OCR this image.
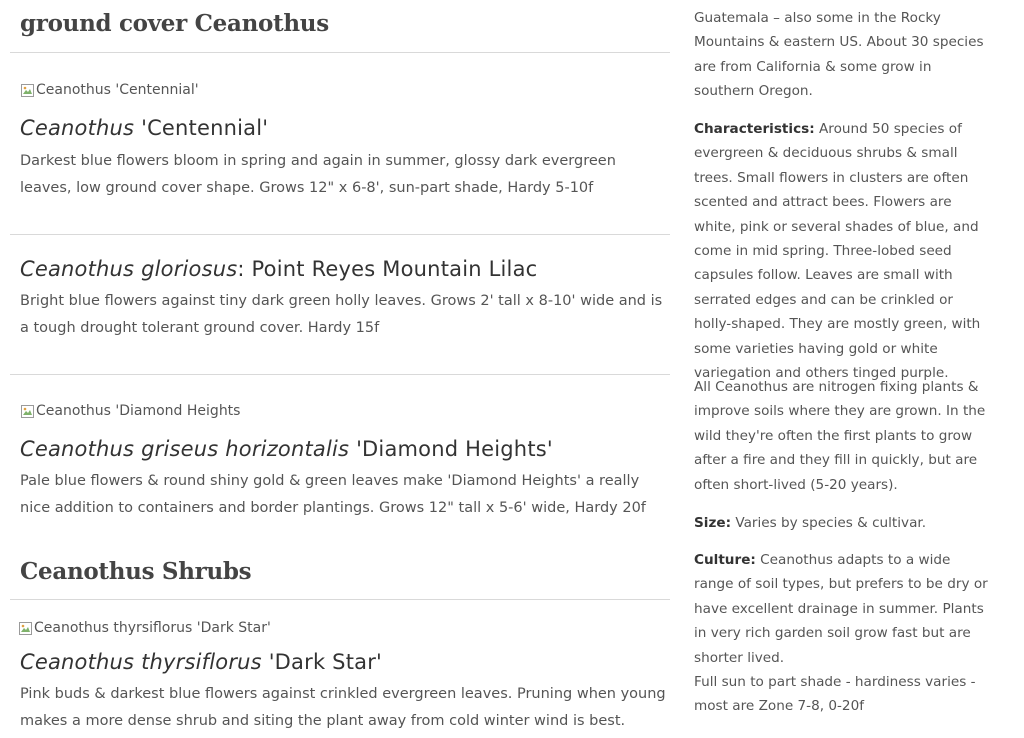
ground cover Ceanothus
Ceanothus 'Centennial'
Ceanothus 'Centennial'

Darkest blue flowers bloom in spring and again in summer, glossy dark evergreen leaves, low ground cover shape. Grows 12" x 6-8', sun-part shade, Hardy 5-10f

Ceanothus gloriosus: Point Reyes Mountain Lilac

Bright blue flowers against tiny dark green holly leaves. Grows 2' tall x 8-10' wide and is a tough drought tolerant ground cover. Hardy 15f

Ceanothus 'Diamond Heights
Ceanothus griseus horizontalis 'Diamond Heights'

Pale blue flowers & round shiny gold & green leaves make 'Diamond Heights' a really nice addition to containers and border plantings. Grows 12" tall x 5-6' wide, Hardy 20f

Ceanothus Shrubs
Ceanothus thyrsiflorus 'Dark Star'
Ceanothus thyrsiflorus 'Dark Star'

Pink buds & darkest blue flowers against crinkled evergreen leaves. Pruning when young makes a more dense shrub and siting the plant away from cold winter wind is best.

Guatemala – also some in the Rocky Mountains & eastern US. About 30 species are from California & some grow in southern Oregon.

Characteristics: Around 50 species of evergreen & deciduous shrubs & small trees. Small flowers in clusters are often scented and attract bees. Flowers are white, pink or several shades of blue, and come in mid spring. Three-lobed seed capsules follow. Leaves are small with serrated edges and can be crinkled or holly-shaped. They are mostly green, with some varieties having gold or white variegation and others tinged purple.

All Ceanothus are nitrogen fixing plants & improve soils where they are grown. In the wild they're often the first plants to grow after a fire and they fill in quickly, but are often short-lived (5-20 years).

Size: Varies by species & cultivar.

Culture: Ceanothus adapts to a wide range of soil types, but prefers to be dry or have excellent drainage in summer. Plants in very rich garden soil grow fast but are shorter lived.

Full sun to part shade - hardiness varies - most are Zone 7-8, 0-20f
